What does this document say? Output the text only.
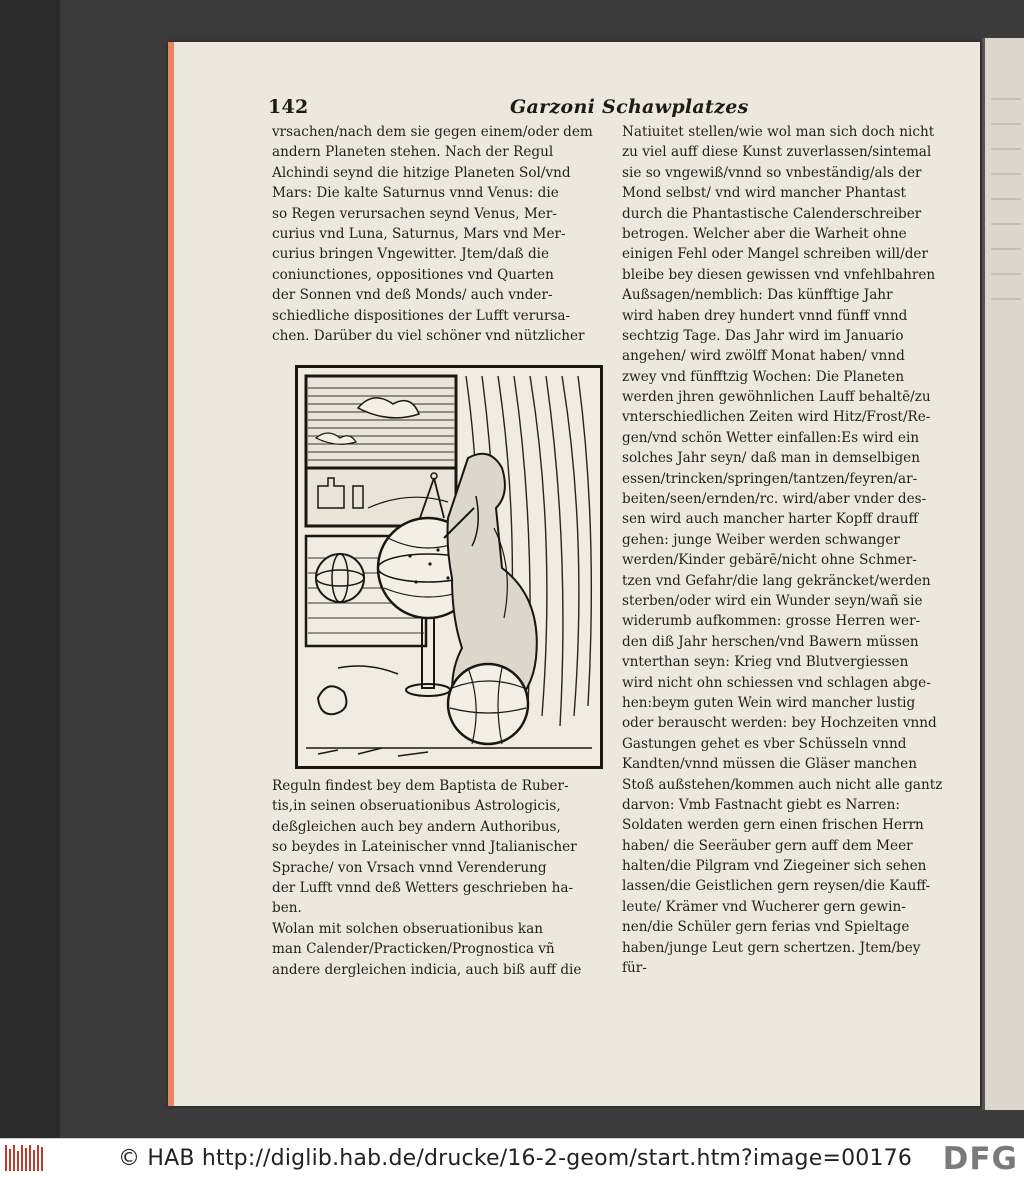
142	Garzoni Schawplatzes
vrsachen/nach dem sie gegen einem/oder dem
andern Planeten stehen. Nach der Regul
Alchindi seynd die hitzige Planeten Sol/vnd
Mars: Die kalte Saturnus vnnd Venus: die
so Regen verursachen seynd Venus, Mer-
curius vnd Luna, Saturnus, Mars vnd Mer-
curius bringen Vngewitter. Jtem/daß die
coniunctiones, oppositiones vnd Quarten
der Sonnen vnd deß Monds/ auch vnder-
schiedliche dispositiones der Lufft verursa-
chen. Darüber du viel schöner vnd nützlicher
Reguln findest bey dem Baptista de Ruber-
tis,in seinen obseruationibus Astrologicis,
deßgleichen auch bey andern Authoribus,
so beydes in Lateinischer vnnd Jtalianischer
Sprache/ von Vrsach vnnd Verenderung
der Lufft vnnd deß Wetters geschrieben ha-
ben.
Wolan mit solchen obseruationibus kan
man Calender/Practicken/Prognostica vñ
andere dergleichen indicia, auch biß auff die
Natiuitet stellen/wie wol man sich doch nicht
zu viel auff diese Kunst zuverlassen/sintemal
sie so vngewiß/vnnd so vnbeständig/als der
Mond selbst/ vnd wird mancher Phantast
durch die Phantastische Calenderschreiber
betrogen. Welcher aber die Warheit ohne
einigen Fehl oder Mangel schreiben will/der
bleibe bey diesen gewissen vnd vnfehlbahren
Außsagen/nemblich: Das künfftige Jahr
wird haben drey hundert vnnd fünff vnnd
sechtzig Tage. Das Jahr wird im Januario
angehen/ wird zwölff Monat haben/ vnnd
zwey vnd fünfftzig Wochen: Die Planeten
werden jhren gewöhnlichen Lauff behaltē/zu
vnterschiedlichen Zeiten wird Hitz/Frost/Re-
gen/vnd schön Wetter einfallen:Es wird ein
solches Jahr seyn/ daß man in demselbigen
essen/trincken/springen/tantzen/feyren/ar-
beiten/seen/ernden/rc. wird/aber vnder des-
sen wird auch mancher harter Kopff drauff
gehen: junge Weiber werden schwanger
werden/Kinder gebärē/nicht ohne Schmer-
tzen vnd Gefahr/die lang gekräncket/werden
sterben/oder wird ein Wunder seyn/wañ sie
widerumb aufkommen: grosse Herren wer-
den diß Jahr herschen/vnd Bawern müssen
vnterthan seyn: Krieg vnd Blutvergiessen
wird nicht ohn schiessen vnd schlagen abge-
hen:beym guten Wein wird mancher lustig
oder berauscht werden: bey Hochzeiten vnnd
Gastungen gehet es vber Schüsseln vnnd
Kandten/vnnd müssen die Gläser manchen
Stoß außstehen/kommen auch nicht alle gantz
darvon: Vmb Fastnacht giebt es Narren:
Soldaten werden gern einen frischen Herrn
haben/ die Seeräuber gern auff dem Meer
halten/die Pilgram vnd Ziegeiner sich sehen
lassen/die Geistlichen gern reysen/die Kauff-
leute/ Krämer vnd Wucherer gern gewin-
nen/die Schüler gern ferias vnd Spieltage
haben/junge Leut gern schertzen. Jtem/bey
für-
© HAB http://diglib.hab.de/drucke/16-2-geom/start.htm?image=00176 DFG
